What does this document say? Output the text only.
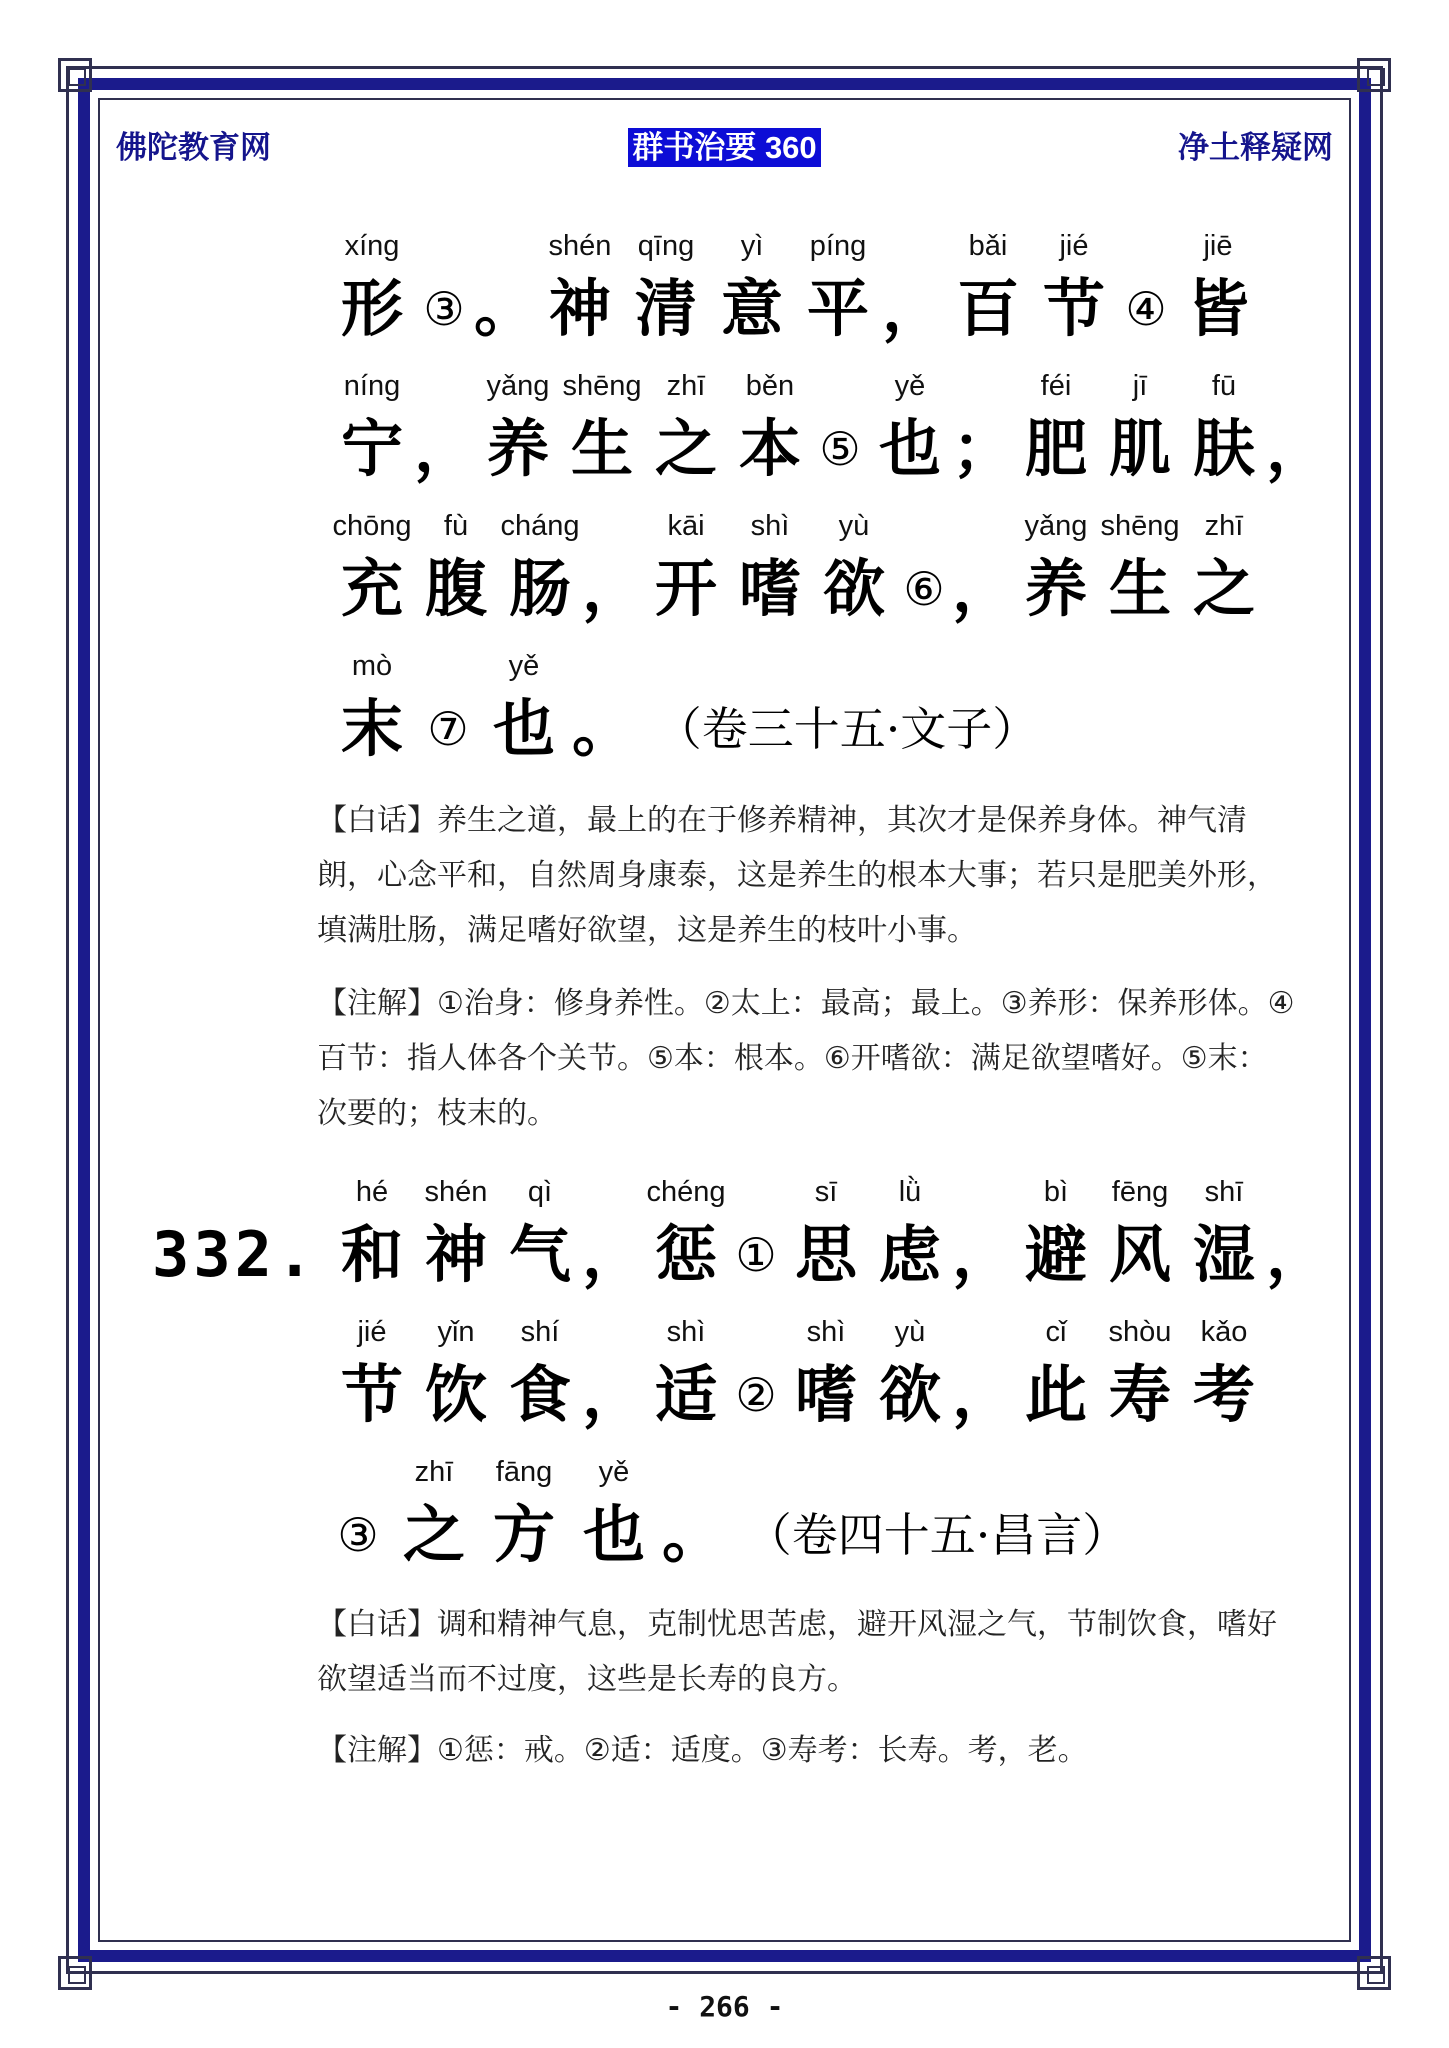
佛陀教育网	群书治要 360	净土释疑网
xíng
形 ③ 。
shén
神
qīng
清
yì
意
píng
平 ，
bǎi
百
jié
节 ④
jiē
皆
níng
宁 ，
yǎng
养
shēng
生
zhī
之
běn
本 ⑤
yě
也 ；
féi
肥
jī
肌
fū
肤 ，
chōng
充
fù
腹
cháng
肠 ，
kāi
开
shì
嗜
yù
欲 ⑥ ，
yǎng
养
shēng
生
zhī
之
mò
末 ⑦
yě
也 。 （卷三十五·文子）

【白话】养生之道，最上的在于修养精神，其次才是保养身体。神气清朗，心念平和，自然周身康泰，这是养生的根本大事；若只是肥美外形，填满肚肠，满足嗜好欲望，这是养生的枝叶小事。

【注解】①治身：修身养性。②太上：最高；最上。③养形：保养形体。④百节：指人体各个关节。⑤本：根本。⑥开嗜欲：满足欲望嗜好。⑤末：次要的；枝末的。

332.
hé
和
shén
神
qì
气 ，
chéng
惩 ①
sī
思
lǜ
虑 ，
bì
避
fēng
风
shī
湿 ，
jié
节
yǐn
饮
shí
食 ，
shì
适 ②
shì
嗜
yù
欲 ，
cǐ
此
shòu
寿
kǎo
考
③
zhī
之
fāng
方
yě
也 。 （卷四十五·昌言）

【白话】调和精神气息，克制忧思苦虑，避开风湿之气，节制饮食，嗜好欲望适当而不过度，这些是长寿的良方。

【注解】①惩：戒。②适：适度。③寿考：长寿。考，老。

- 266 -
